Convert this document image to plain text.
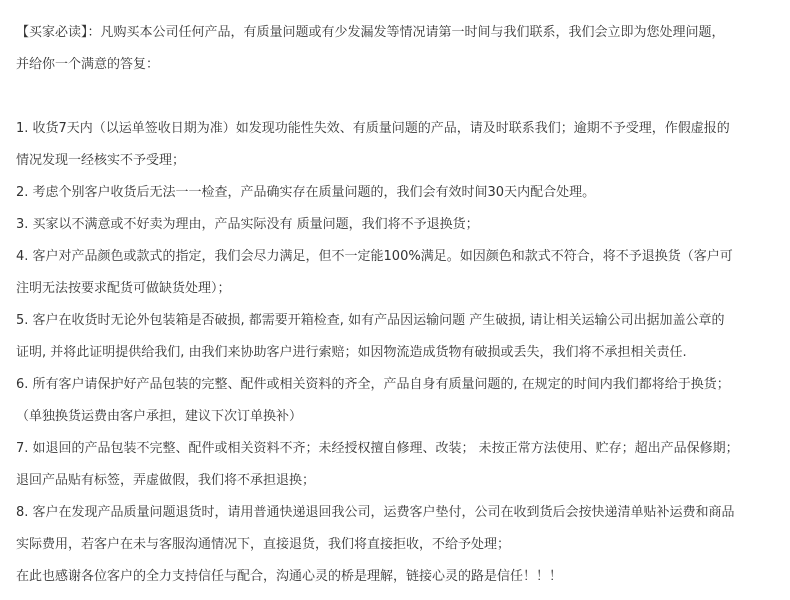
【买家必读】：凡购买本公司任何产品，有质量问题或有少发漏发等情况请第一时间与我们联系，我们会立即为您处理问题，
并给你一个满意的答复：
1. 收货7天内（以运单签收日期为准）如发现功能性失效、有质量问题的产品，请及时联系我们；逾期不予受理，作假虚报的
情况发现一经核实不予受理；
2. 考虑个别客户收货后无法一一检查，产品确实存在质量问题的，我们会有效时间30天内配合处理。
3. 买家以不满意或不好卖为理由，产品实际没有 质量问题，我们将不予退换货；
4. 客户对产品颜色或款式的指定，我们会尽力满足，但不一定能100%满足。如因颜色和款式不符合，将不予退换货（客户可
注明无法按要求配货可做缺货处理）；
5. 客户在收货时无论外包装箱是否破损, 都需要开箱检查, 如有产品因运输问题 产生破损, 请让相关运输公司出据加盖公章的
证明, 并将此证明提供给我们, 由我们来协助客户进行索赔；如因物流造成货物有破损或丢失，我们将不承担相关责任.
6. 所有客户请保护好产品包装的完整、配件或相关资料的齐全，产品自身有质量问题的, 在规定的时间内我们都将给于换货；
（单独换货运费由客户承担，建议下次订单换补）
7. 如退回的产品包装不完整、配件或相关资料不齐；未经授权擅自修理、改装； 未按正常方法使用、贮存；超出产品保修期；
退回产品贴有标签，弄虚做假，我们将不承担退换；
8. 客户在发现产品质量问题退货时，请用普通快递退回我公司，运费客户垫付，公司在收到货后会按快递清单贴补运费和商品
实际费用，若客户在未与客服沟通情况下，直接退货，我们将直接拒收，不给予处理；
在此也感谢各位客户的全力支持信任与配合，沟通心灵的桥是理解，链接心灵的路是信任！！！
